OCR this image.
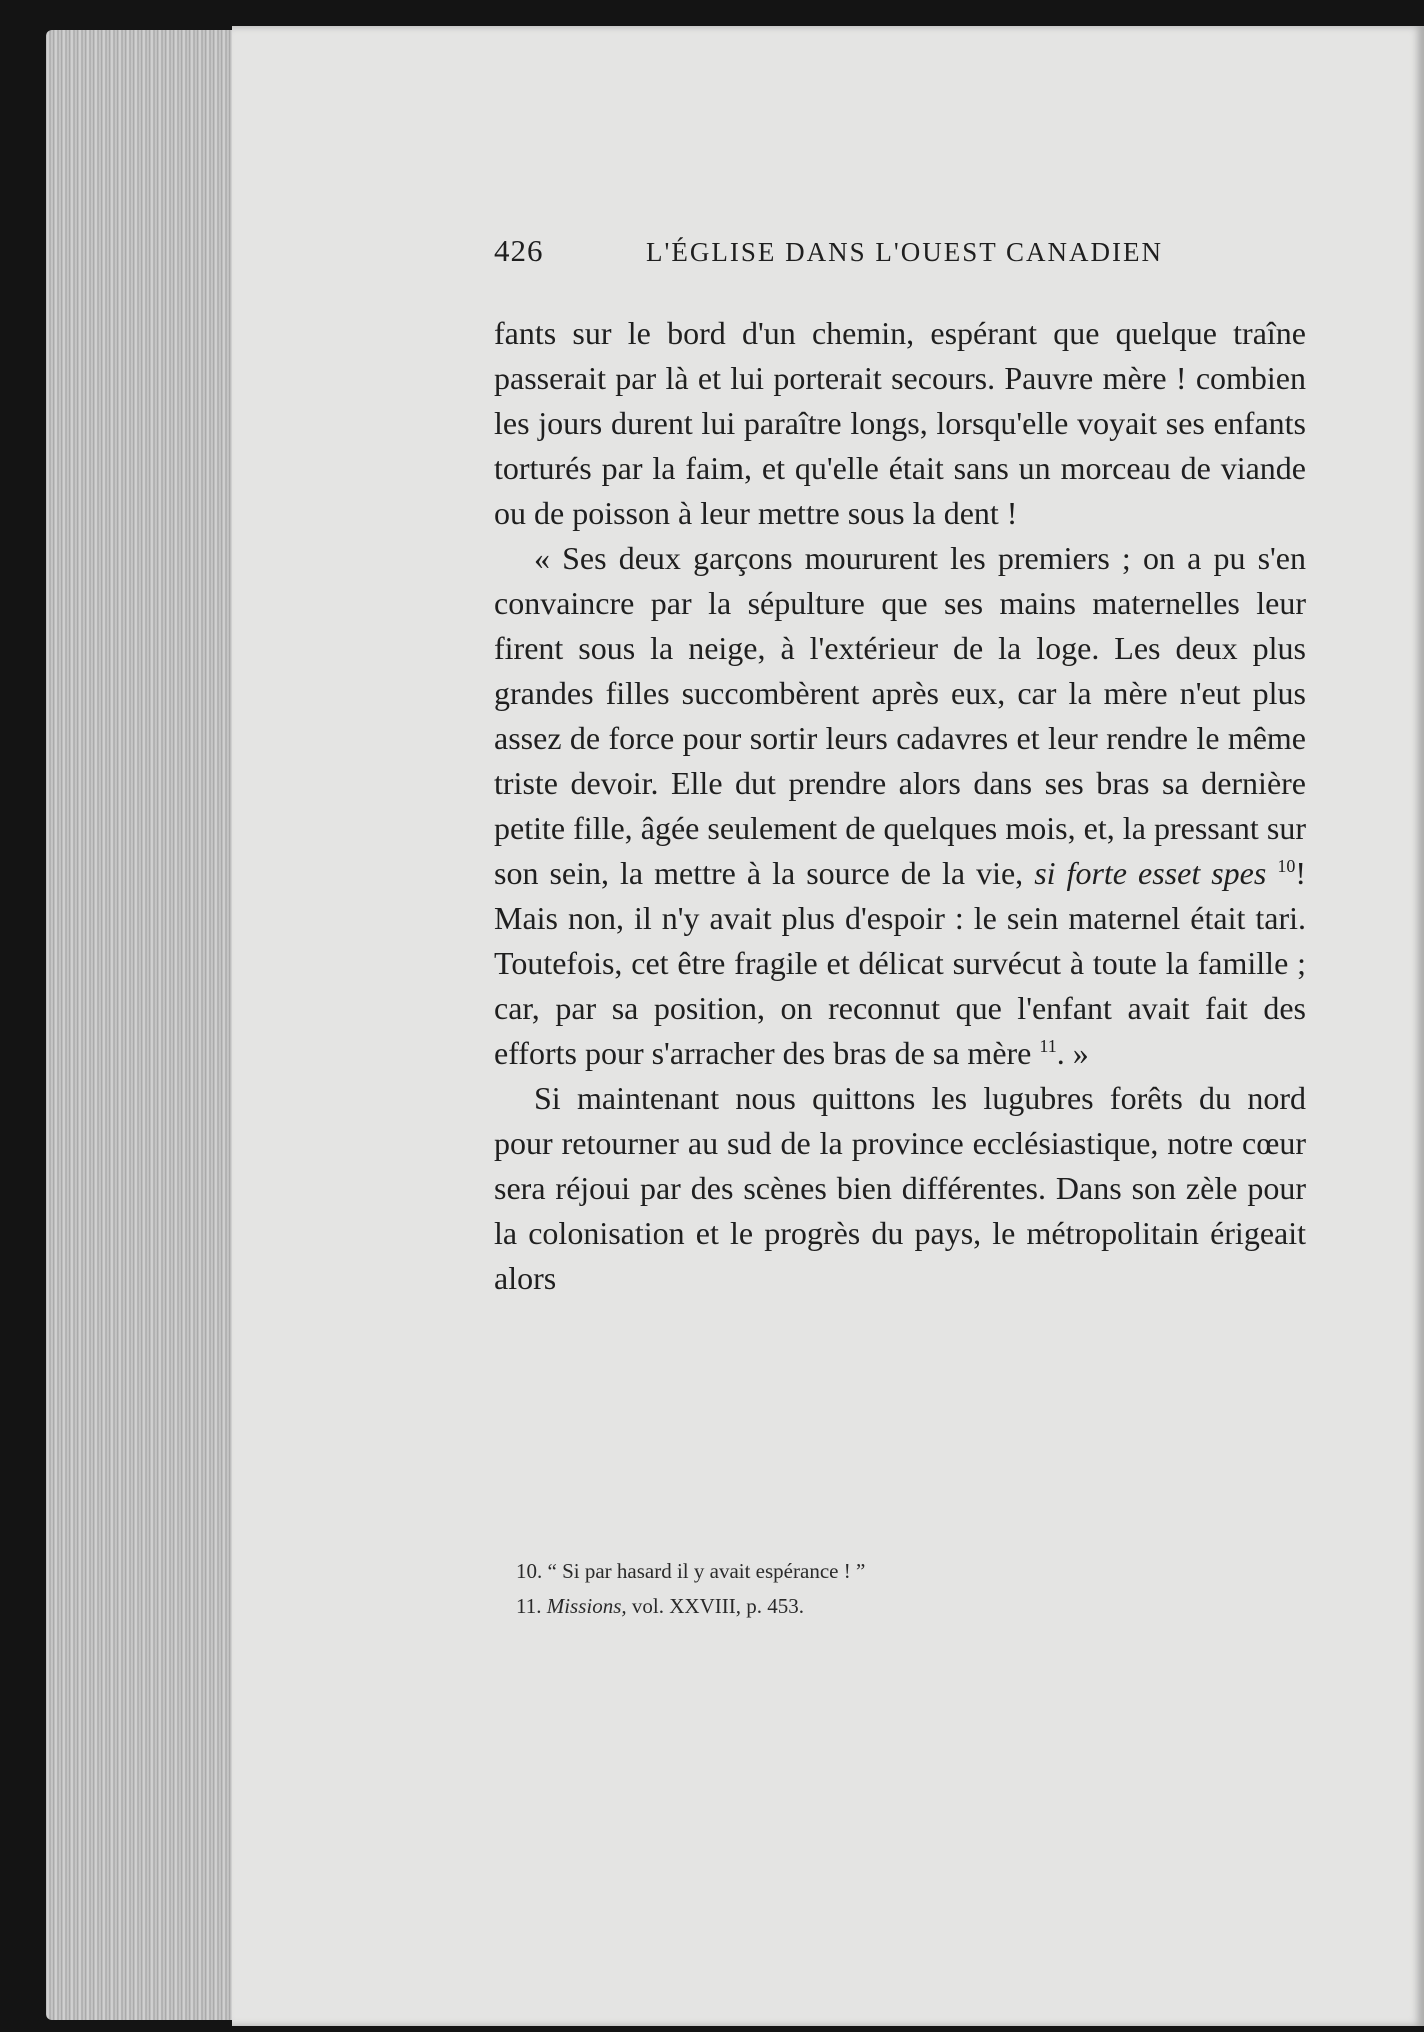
426	L'ÉGLISE DANS L'OUEST CANADIEN

fants sur le bord d'un chemin, espérant que quelque traîne passerait par là et lui porterait secours. Pauvre mère ! combien les jours durent lui paraître longs, lorsqu'elle voyait ses enfants torturés par la faim, et qu'elle était sans un morceau de viande ou de poisson à leur mettre sous la dent !

« Ses deux garçons moururent les premiers ; on a pu s'en convaincre par la sépulture que ses mains maternelles leur firent sous la neige, à l'extérieur de la loge. Les deux plus grandes filles succombèrent après eux, car la mère n'eut plus assez de force pour sortir leurs cadavres et leur rendre le même triste devoir. Elle dut prendre alors dans ses bras sa dernière petite fille, âgée seulement de quelques mois, et, la pressant sur son sein, la mettre à la source de la vie, si forte esset spes $^{10}$! Mais non, il n'y avait plus d'espoir : le sein maternel était tari. Toutefois, cet être fragile et délicat survécut à toute la famille ; car, par sa position, on reconnut que l'enfant avait fait des efforts pour s'arracher des bras de sa mère $^{11}$. »

Si maintenant nous quittons les lugubres forêts du nord pour retourner au sud de la province ecclésiastique, notre cœur sera réjoui par des scènes bien différentes. Dans son zèle pour la colonisation et le progrès du pays, le métropolitain érigeait alors

10. “ Si par hasard il y avait espérance ! ”
11. Missions, vol. XXVIII, p. 453.
